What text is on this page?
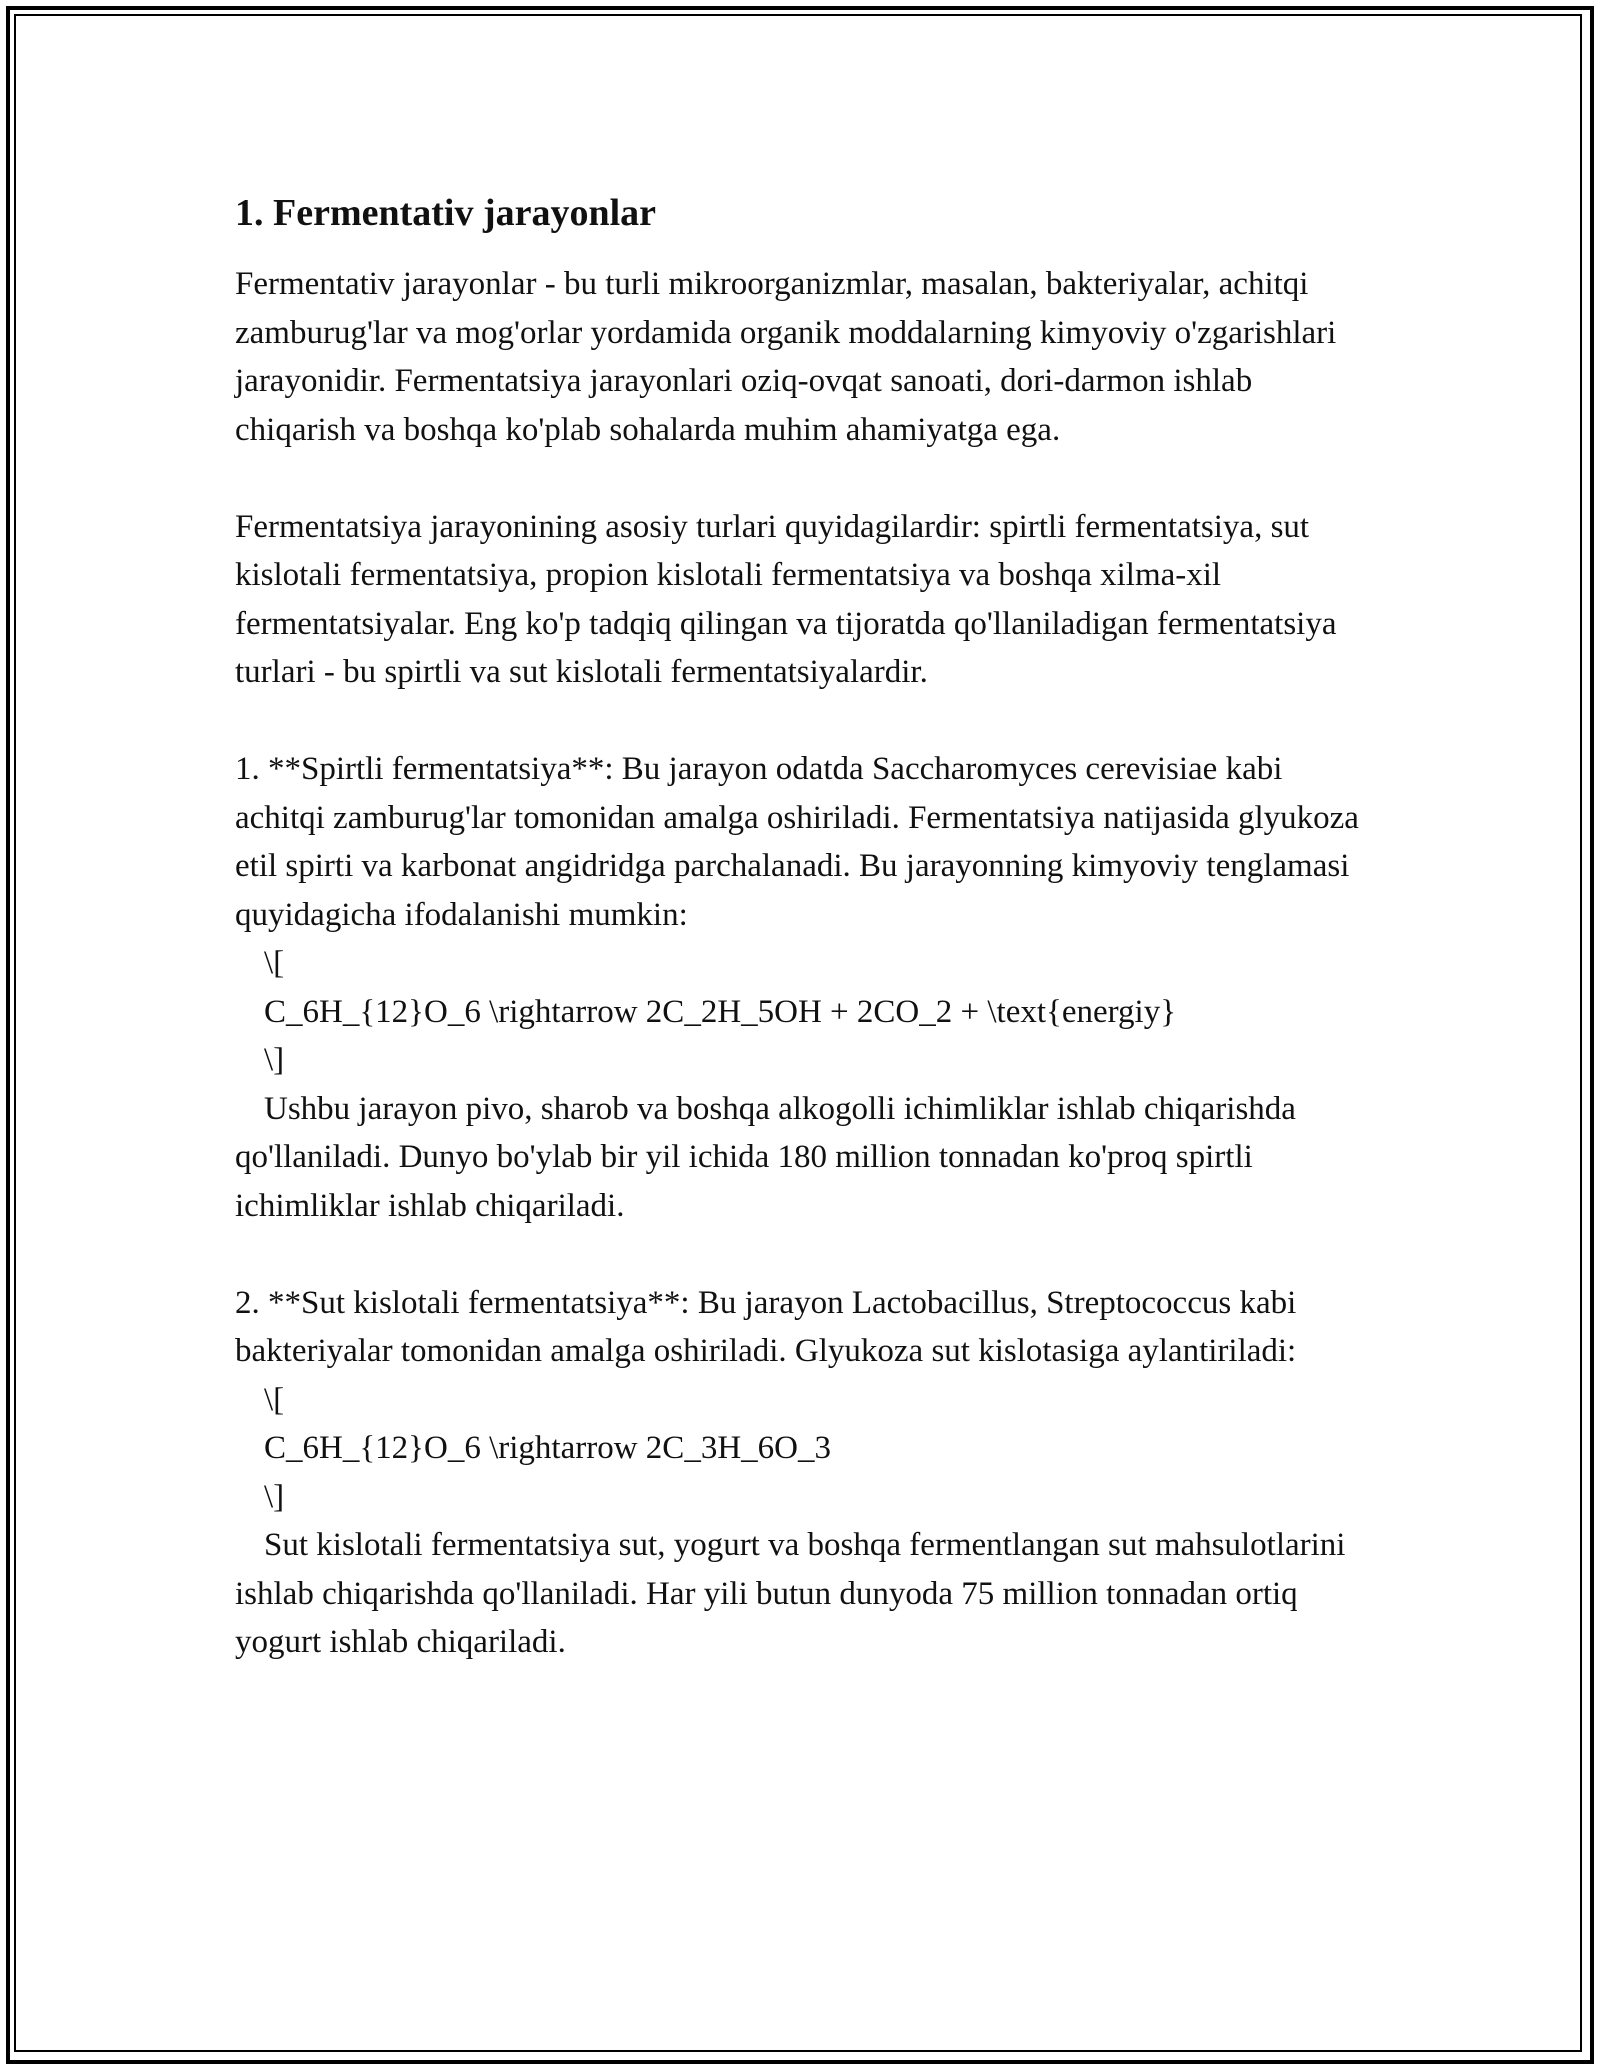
1. Fermentativ jarayonlar

Fermentativ jarayonlar - bu turli mikroorganizmlar, masalan, bakteriyalar, achitqi zamburug'lar va mog'orlar yordamida organik moddalarning kimyoviy o'zgarishlari jarayonidir. Fermentatsiya jarayonlari oziq-ovqat sanoati, dori-darmon ishlab chiqarish va boshqa ko'plab sohalarda muhim ahamiyatga ega.

Fermentatsiya jarayonining asosiy turlari quyidagilardir: spirtli fermentatsiya, sut kislotali fermentatsiya, propion kislotali fermentatsiya va boshqa xilma-xil fermentatsiyalar. Eng ko'p tadqiq qilingan va tijoratda qo'llaniladigan fermentatsiya turlari - bu spirtli va sut kislotali fermentatsiyalardir.

1. **Spirtli fermentatsiya**: Bu jarayon odatda Saccharomyces cerevisiae kabi achitqi zamburug'lar tomonidan amalga oshiriladi. Fermentatsiya natijasida glyukoza etil spirti va karbonat angidridga parchalanadi. Bu jarayonning kimyoviy tenglamasi quyidagicha ifodalanishi mumkin:

\[
C_6H_{12}O_6 \rightarrow 2C_2H_5OH + 2CO_2 + \text{energiy}
\]

Ushbu jarayon pivo, sharob va boshqa alkogolli ichimliklar ishlab chiqarishda qo'llaniladi. Dunyo bo'ylab bir yil ichida 180 million tonnadan ko'proq spirtli ichimliklar ishlab chiqariladi.

2. **Sut kislotali fermentatsiya**: Bu jarayon Lactobacillus, Streptococcus kabi bakteriyalar tomonidan amalga oshiriladi. Glyukoza sut kislotasiga aylantiriladi:

\[
C_6H_{12}O_6 \rightarrow 2C_3H_6O_3
\]

Sut kislotali fermentatsiya sut, yogurt va boshqa fermentlangan sut mahsulotlarini ishlab chiqarishda qo'llaniladi. Har yili butun dunyoda 75 million tonnadan ortiq yogurt ishlab chiqariladi.
